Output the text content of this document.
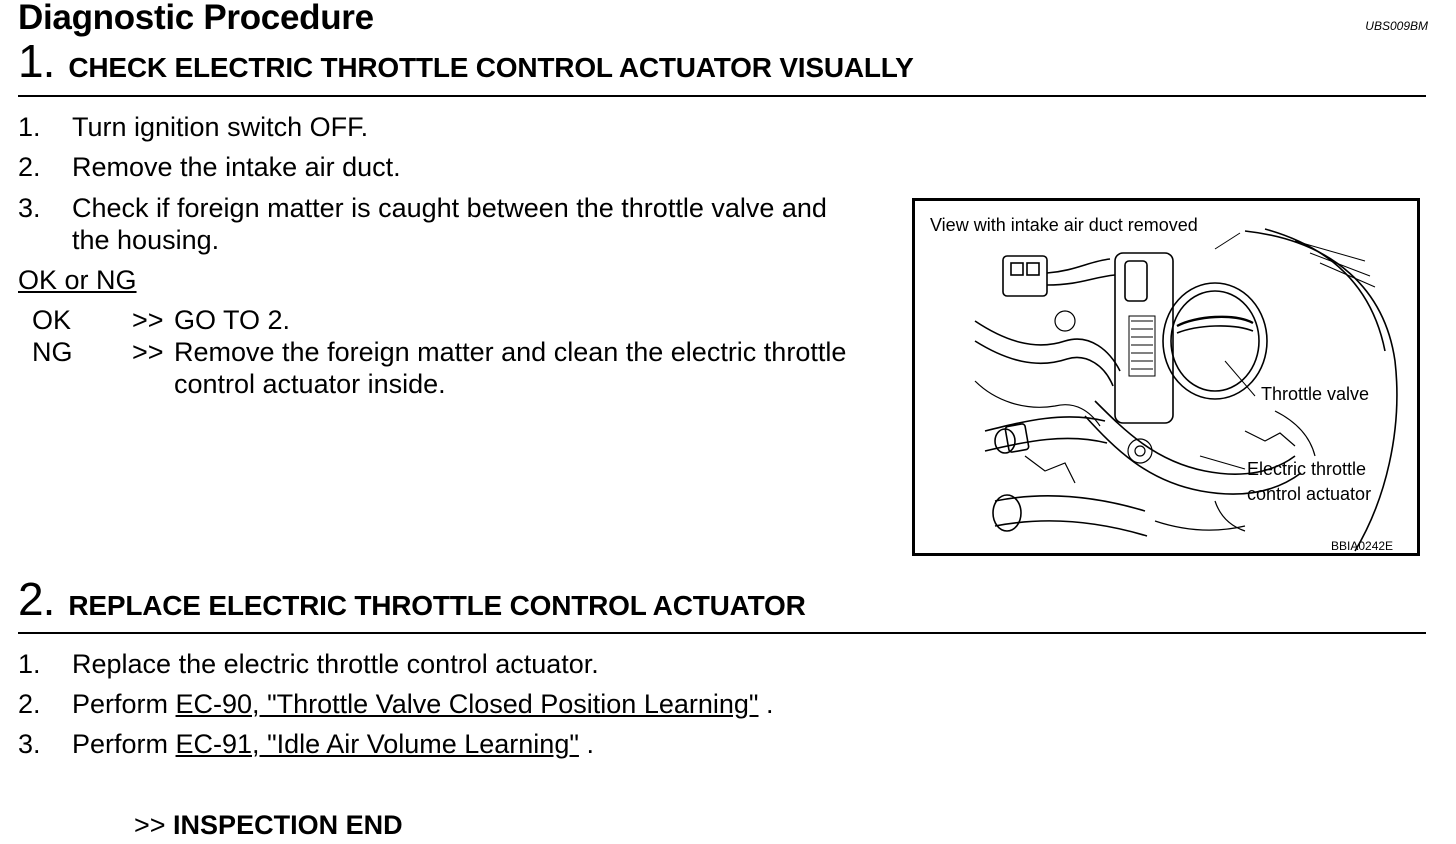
Diagnostic Procedure	UBS009BM
1. CHECK ELECTRIC THROTTLE CONTROL ACTUATOR VISUALLY
1.	Turn ignition switch OFF.
2.	Remove the intake air duct.
3.	Check if foreign matter is caught between the throttle valve and
the housing.
OK or NG
OK	>> GO TO 2.
NG	>> Remove the foreign matter and clean the electric throttle
control actuator inside.
View with intake air duct removed
Throttle valve
Electric throttle
control actuator
BBIA0242E
2. REPLACE ELECTRIC THROTTLE CONTROL ACTUATOR
1.	Replace the electric throttle control actuator.
2.	Perform EC-90, "Throttle Valve Closed Position Learning" .
3.	Perform EC-91, "Idle Air Volume Learning" .
>> INSPECTION END
